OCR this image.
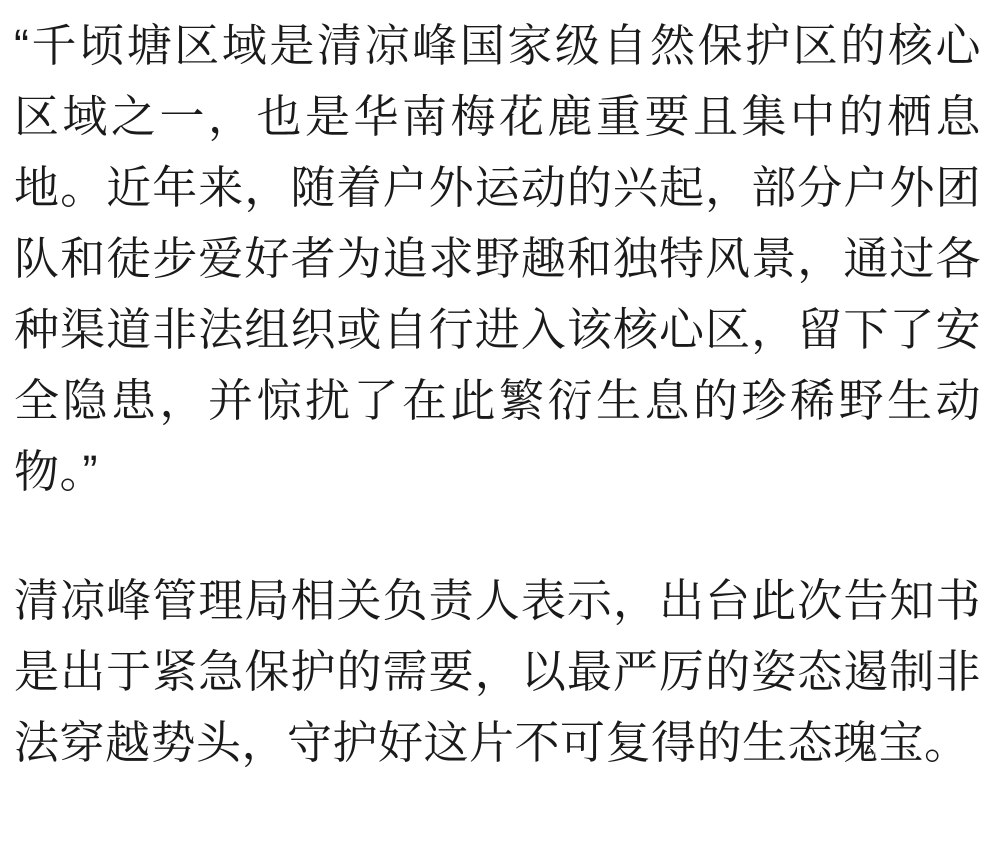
“千顷塘区域是清凉峰国家级自然保护区的核心区域之一，也是华南梅花鹿重要且集中的栖息地。近年来，随着户外运动的兴起，部分户外团队和徒步爱好者为追求野趣和独特风景，通过各种渠道非法组织或自行进入该核心区，留下了安全隐患，并惊扰了在此繁衍生息的珍稀野生动物。”

清凉峰管理局相关负责人表示，出台此次告知书是出于紧急保护的需要，以最严厉的姿态遏制非法穿越势头，守护好这片不可复得的生态瑰宝。
